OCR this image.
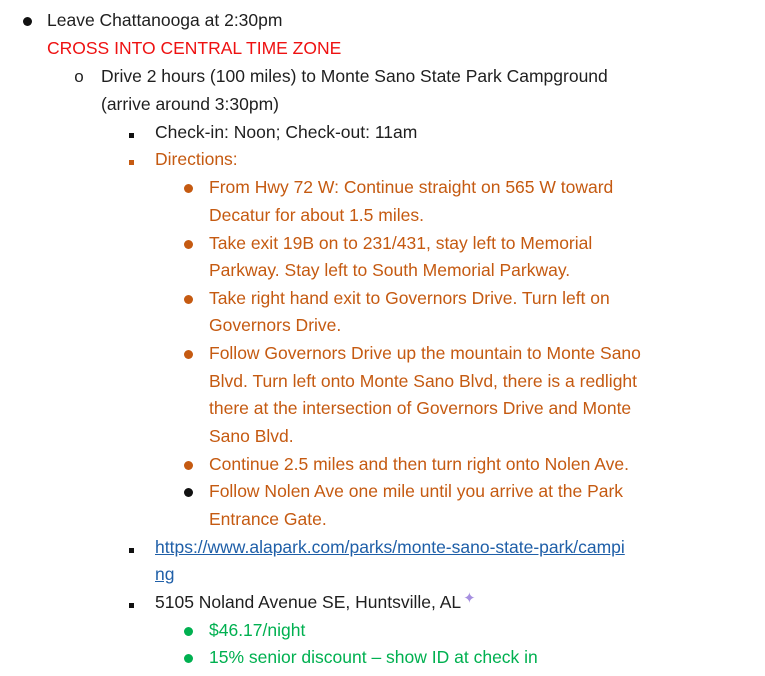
Leave Chattanooga at 2:30pm
CROSS INTO CENTRAL TIME ZONE
o Drive 2 hours (100 miles) to Monte Sano State Park Campground
(arrive around 3:30pm)
Check-in: Noon; Check-out: 11am
Directions:
From Hwy 72 W: Continue straight on 565 W toward
Decatur for about 1.5 miles.
Take exit 19B on to 231/431, stay left to Memorial
Parkway. Stay left to South Memorial Parkway.
Take right hand exit to Governors Drive. Turn left on
Governors Drive.
Follow Governors Drive up the mountain to Monte Sano
Blvd. Turn left onto Monte Sano Blvd, there is a redlight
there at the intersection of Governors Drive and Monte
Sano Blvd.
Continue 2.5 miles and then turn right onto Nolen Ave.
Follow Nolen Ave one mile until you arrive at the Park
Entrance Gate.
https://www.alapark.com/parks/monte-sano-state-park/campi
ng
5105 Noland Avenue SE, Huntsville, AL ✦
$46.17/night
15% senior discount – show ID at check in
